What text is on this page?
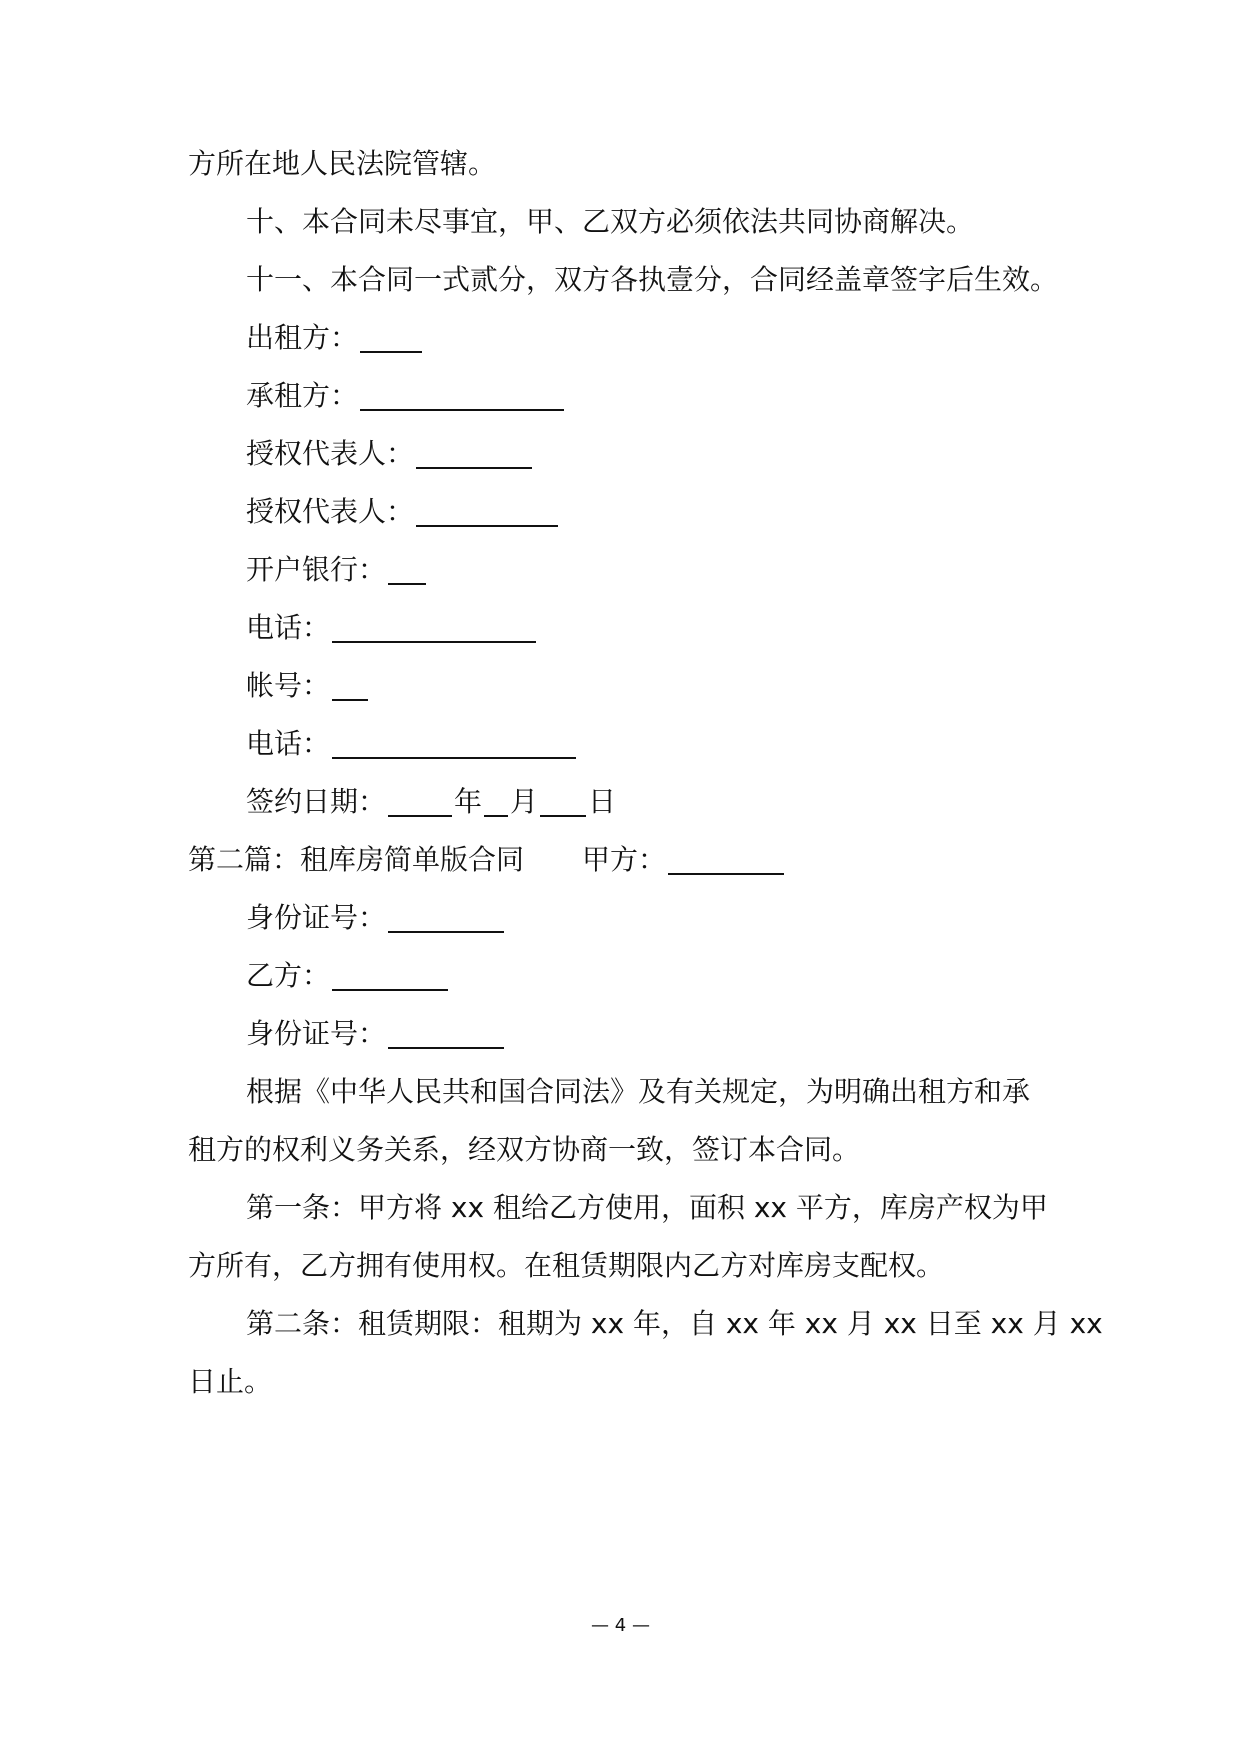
方所在地人民法院管辖。
十、本合同未尽事宜，甲、乙双方必须依法共同协商解决。
十一、本合同一式贰分，双方各执壹分，合同经盖章签字后生效。
出租方：
承租方：
授权代表人：
授权代表人：
开户银行：
电话：
帐号：
电话：
签约日期： 年 月 日
第二篇：租库房简单版合同 甲方：
身份证号：
乙方：
身份证号：
根据《中华人民共和国合同法》及有关规定，为明确出租方和承
租方的权利义务关系，经双方协商一致，签订本合同。
第一条：甲方将 xx 租给乙方使用，面积 xx 平方，库房产权为甲
方所有，乙方拥有使用权。在租赁期限内乙方对库房支配权。
第二条：租赁期限：租期为 xx 年，自 xx 年 xx 月 xx 日至 xx 月 xx
日止。
— 4 —
